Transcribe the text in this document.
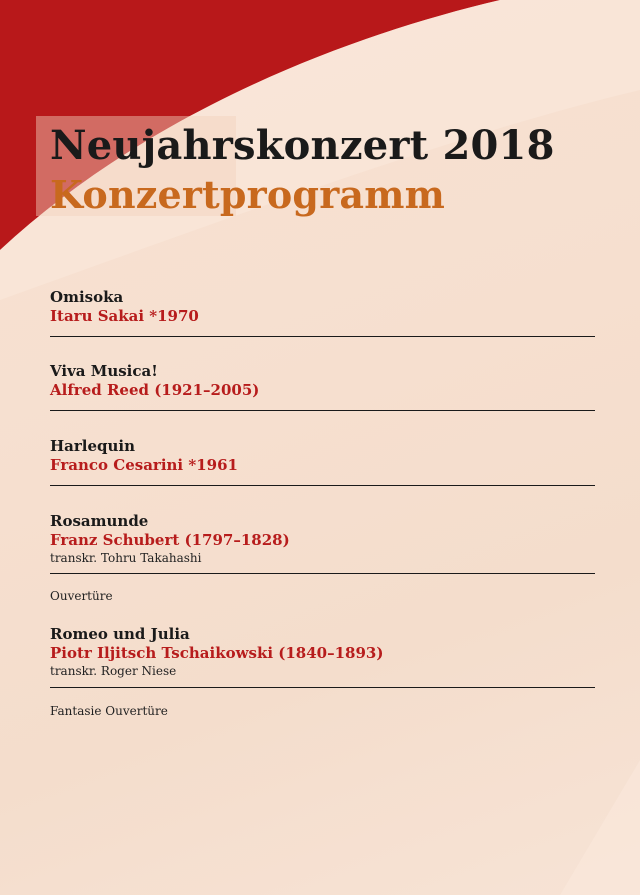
Neujahrskonzert 2018
Konzertprogramm
Omisoka
Itaru Sakai *1970
Viva Musica!
Alfred Reed (1921–2005)
Harlequin
Franco Cesarini *1961
Rosamunde
Franz Schubert (1797–1828)
transkr. Tohru Takahashi
Ouvertüre
Romeo und Julia
Piotr Iljitsch Tschaikowski (1840–1893)
transkr. Roger Niese
Fantasie Ouvertüre
